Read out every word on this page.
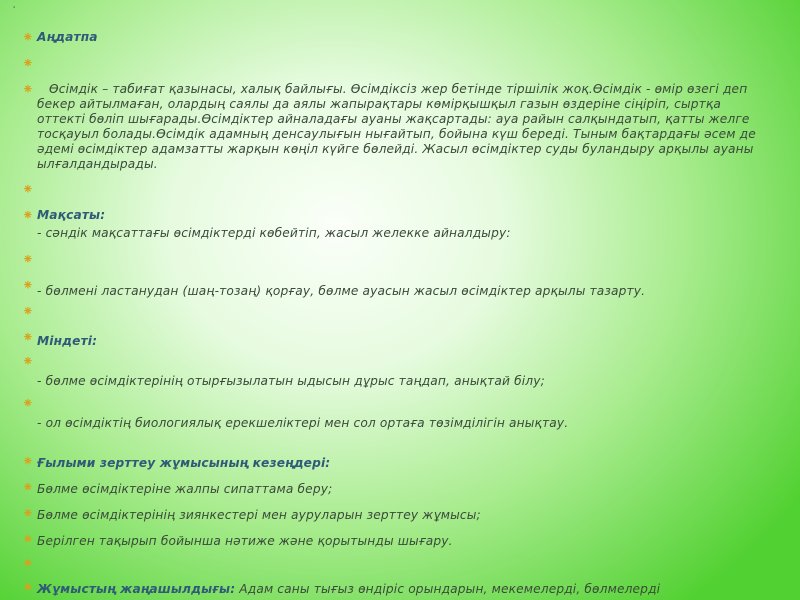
·
⁕ Аңдатпа
⁕
⁕	Өсімдік – табиғат қазынасы, халық байлығы. Өсімдіксіз жер бетінде тіршілік жоқ.Өсімдік - өмір өзегі деп бекер айтылмаған, олардың саялы да аялы жапырақтары көмірқышқыл газын өздеріне сіңіріп, сыртқа оттекті бөліп шығарады.Өсімдіктер айналадағы ауаны жақсартады: ауа райын салқындатып, қатты желге тосқауыл болады.Өсімдік адамның денсаулығын нығайтып, бойына күш береді. Тыным бақтардағы әсем де әдемі өсімдіктер адамзатты жарқын көңіл күйге бөлейді. Жасыл өсімдіктер суды буландыру арқылы ауаны ылғалдандырады.
⁕
⁕ Мақсаты:
- сәндік мақсаттағы өсімдіктерді көбейтіп, жасыл желекке айналдыру:
⁕
⁕ - бөлмені ластанудан (шаң-тозаң) қорғау, бөлме ауасын жасыл өсімдіктер арқылы тазарту.
⁕
⁕ Міндеті:
⁕
- бөлме өсімдіктерінің отырғызылатын ыдысын дұрыс таңдап, анықтай білу;
⁕
- ол өсімдіктің биологиялық ерекшеліктері мен сол ортаға төзімділігін анықтау.
⁕ Ғылыми зерттеу жұмысының кезеңдері:
⁕ Бөлме өсімдіктеріне жалпы сипаттама беру;
⁕ Бөлме өсімдіктерінің зиянкестері мен ауруларын зерттеу жұмысы;
⁕ Берілген тақырып бойынша нәтиже және қорытынды шығару.
⁕
⁕ Жұмыстың жаңашылдығы: Адам саны тығыз өндіріс орындарын, мекемелерді, бөлмелерді
